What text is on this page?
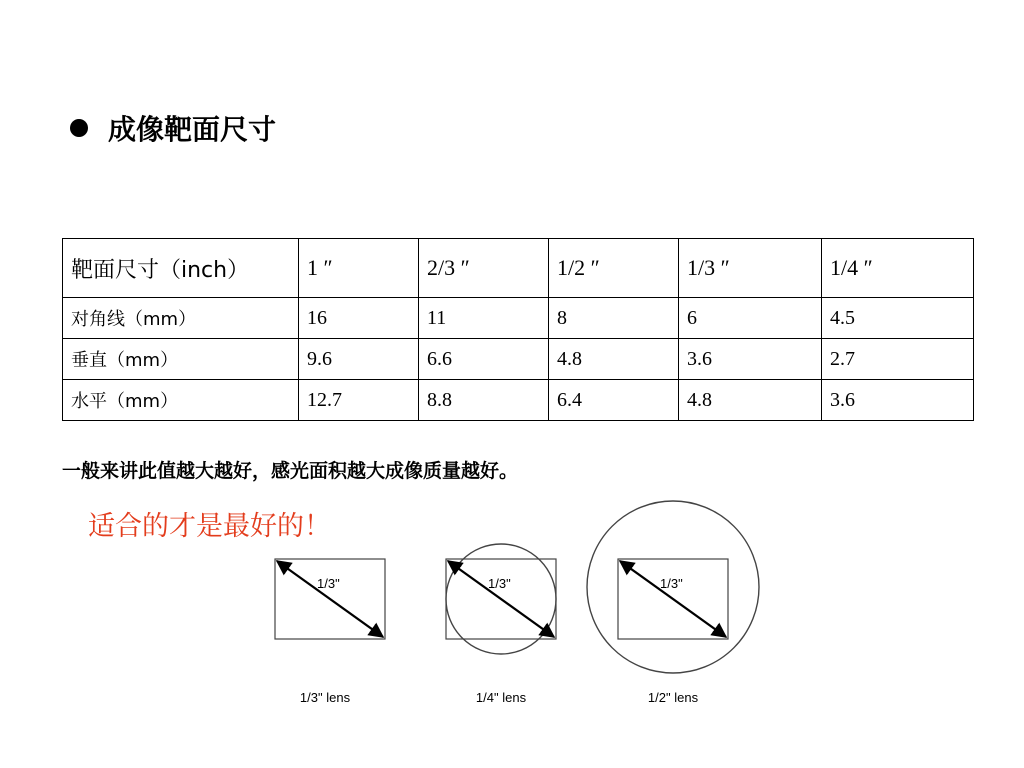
成像靶面尺寸
靶面尺寸（inch）	1 ″	2/3 ″	1/2 ″	1/3 ″	1/4 ″
对角线（mm）	16	11	8	6	4.5
垂直（mm）	9.6	6.6	4.8	3.6	2.7
水平（mm）	12.7	8.8	6.4	4.8	3.6
一般来讲此值越大越好，感光面积越大成像质量越好。
适合的才是最好的！
1/3"
1/3" lens
1/3"
1/4" lens
1/3"
1/2" lens
